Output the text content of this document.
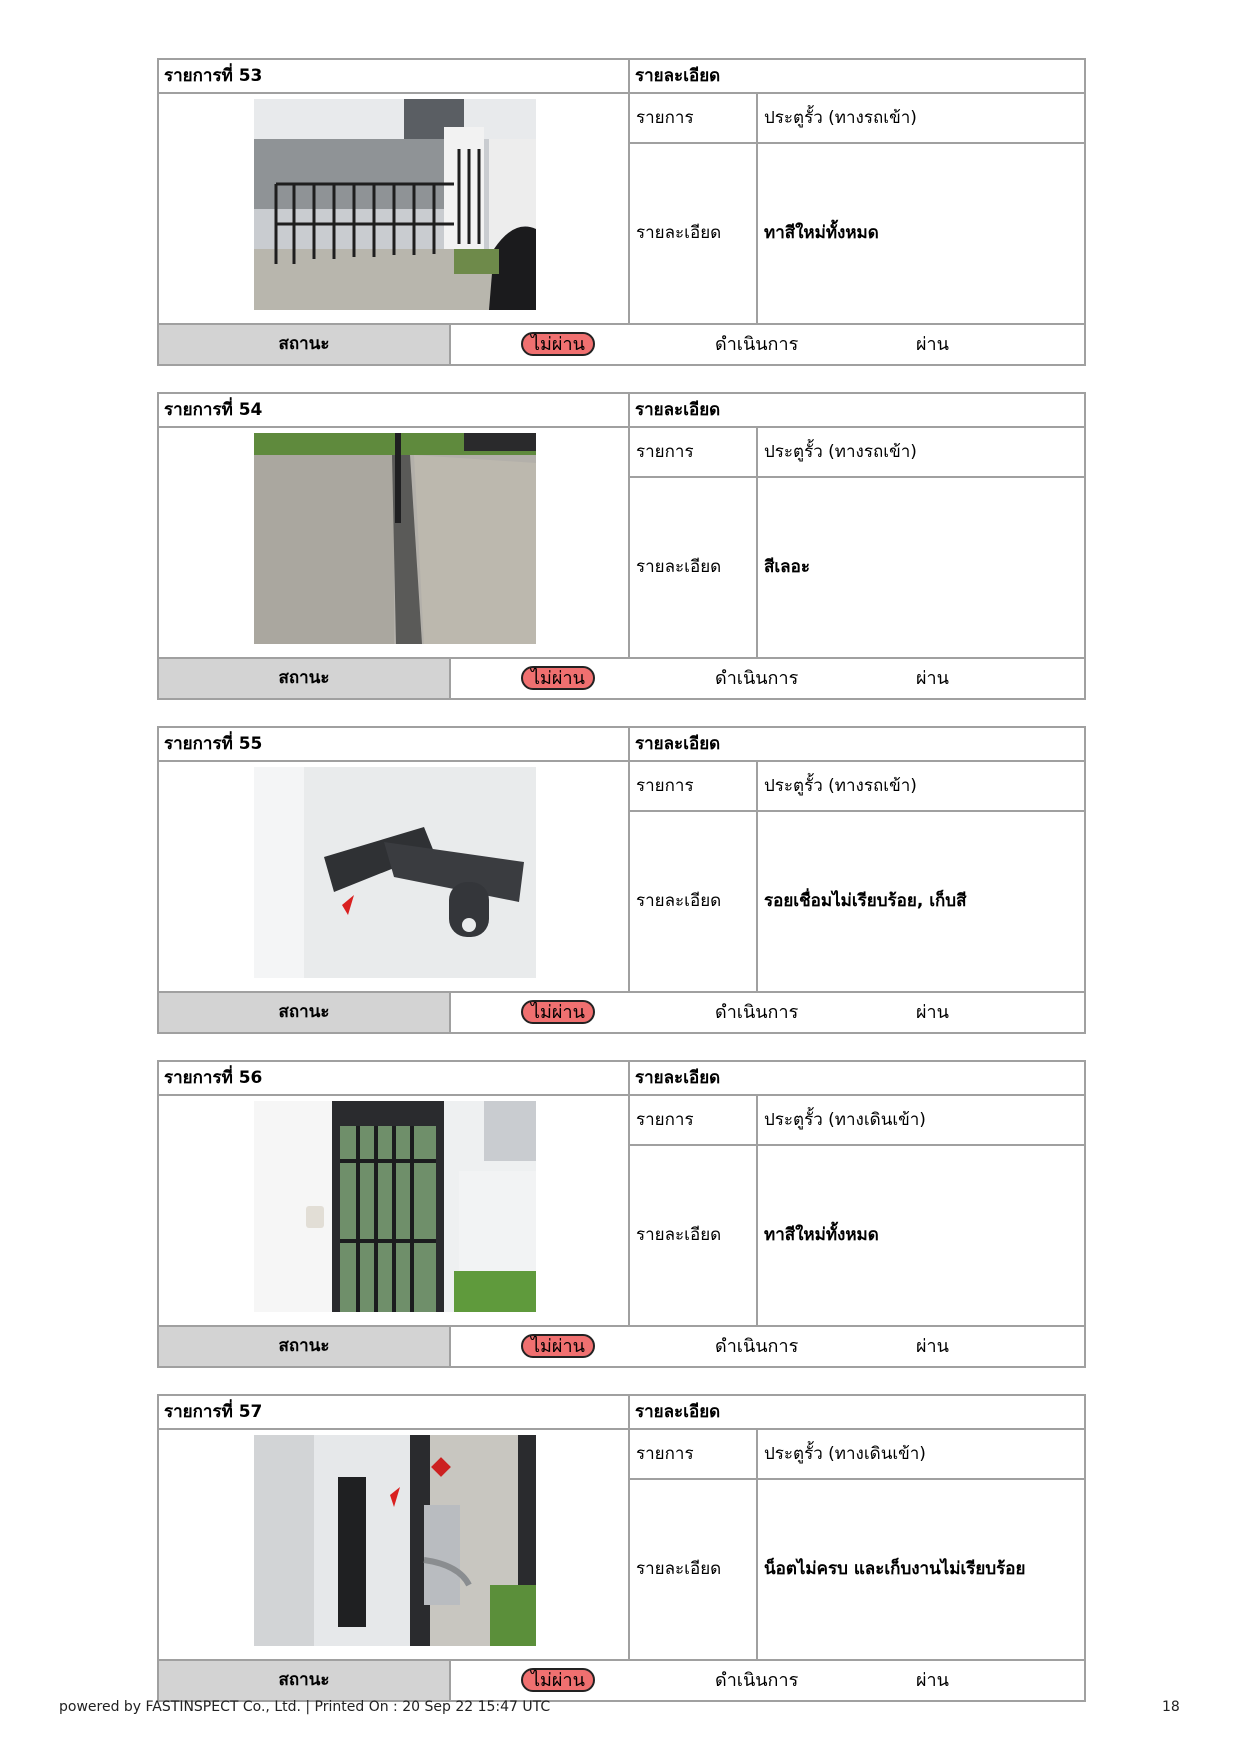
รายการที่ 53	รายละเอียด
รายการ	ประตูรั้ว (ทางรถเข้า)
รายละเอียด	ทาสีใหม่ทั้งหมด
สถานะ	ไม่ผ่าน	ดำเนินการ	ผ่าน
รายการที่ 54	รายละเอียด
รายการ	ประตูรั้ว (ทางรถเข้า)
รายละเอียด	สีเลอะ
สถานะ	ไม่ผ่าน	ดำเนินการ	ผ่าน
รายการที่ 55	รายละเอียด
รายการ	ประตูรั้ว (ทางรถเข้า)
รายละเอียด	รอยเชื่อมไม่เรียบร้อย, เก็บสี
สถานะ	ไม่ผ่าน	ดำเนินการ	ผ่าน
รายการที่ 56	รายละเอียด
รายการ	ประตูรั้ว (ทางเดินเข้า)
รายละเอียด	ทาสีใหม่ทั้งหมด
สถานะ	ไม่ผ่าน	ดำเนินการ	ผ่าน
รายการที่ 57	รายละเอียด
รายการ	ประตูรั้ว (ทางเดินเข้า)
รายละเอียด	น็อตไม่ครบ และเก็บงานไม่เรียบร้อย
สถานะ	ไม่ผ่าน	ดำเนินการ	ผ่าน
powered by FASTINSPECT Co., Ltd. | Printed On : 20 Sep 22 15:47 UTC	18
